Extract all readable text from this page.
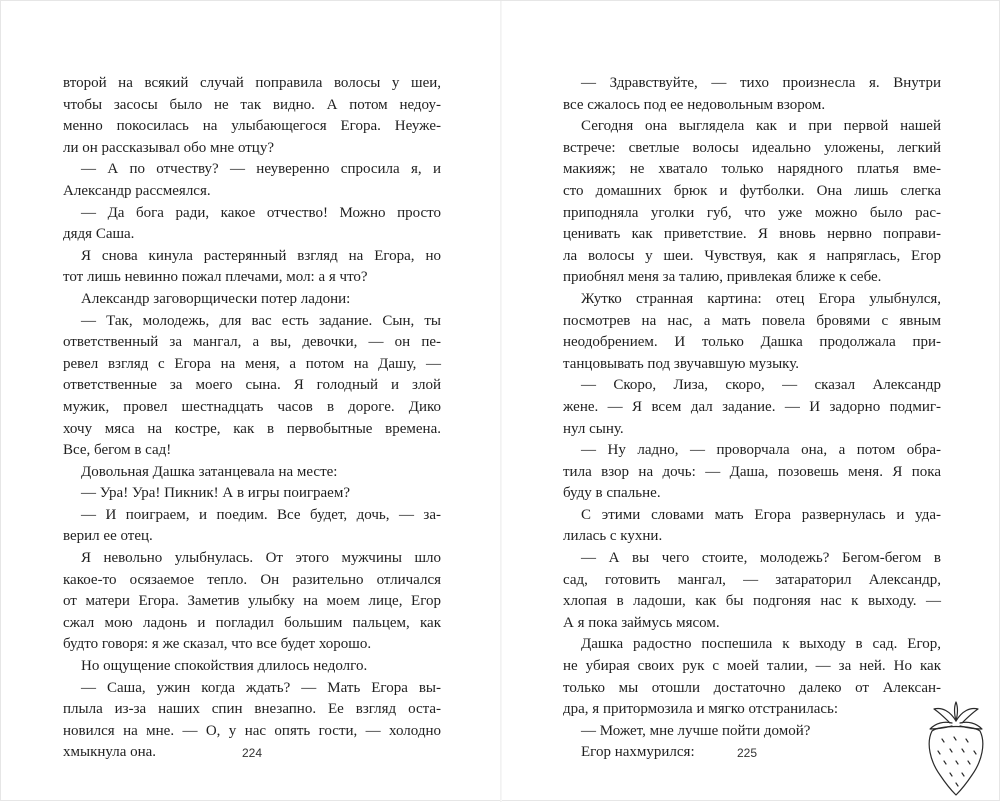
второй на всякий случай поправила волосы у шеи,

чтобы засосы было не так видно. А потом недоу-

менно покосилась на улыбающегося Егора. Неуже-

ли он рассказывал обо мне отцу?

— А по отчеству? — неуверенно спросила я, и

Александр рассмеялся.

— Да бога ради, какое отчество! Можно просто

дядя Саша.

Я снова кинула растерянный взгляд на Егора, но

тот лишь невинно пожал плечами, мол: а я что?

Александр заговорщически потер ладони:

— Так, молодежь, для вас есть задание. Сын, ты

ответственный за мангал, а вы, девочки, — он пе-

ревел взгляд с Егора на меня, а потом на Дашу, —

ответственные за моего сына. Я голодный и злой

мужик, провел шестнадцать часов в дороге. Дико

хочу мяса на костре, как в первобытные времена.

Все, бегом в сад!

Довольная Дашка затанцевала на месте:

— Ура! Ура! Пикник! А в игры поиграем?

— И поиграем, и поедим. Все будет, дочь, — за-

верил ее отец.

Я невольно улыбнулась. От этого мужчины шло

какое-то осязаемое тепло. Он разительно отличался

от матери Егора. Заметив улыбку на моем лице, Егор

сжал мою ладонь и погладил большим пальцем, как

будто говоря: я же сказал, что все будет хорошо.

Но ощущение спокойствия длилось недолго.

— Саша, ужин когда ждать? — Мать Егора вы-

плыла из-за наших спин внезапно. Ее взгляд оста-

новился на мне. — О, у нас опять гости, — холодно

хмыкнула она.

— Здравствуйте, — тихо произнесла я. Внутри

все сжалось под ее недовольным взором.

Сегодня она выглядела как и при первой нашей

встрече: светлые волосы идеально уложены, легкий

макияж; не хватало только нарядного платья вме-

сто домашних брюк и футболки. Она лишь слегка

приподняла уголки губ, что уже можно было рас-

ценивать как приветствие. Я вновь нервно поправи-

ла волосы у шеи. Чувствуя, как я напряглась, Егор

приобнял меня за талию, привлекая ближе к себе.

Жутко странная картина: отец Егора улыбнулся,

посмотрев на нас, а мать повела бровями с явным

неодобрением. И только Дашка продолжала при-

танцовывать под звучавшую музыку.

— Скоро, Лиза, скоро, — сказал Александр

жене. — Я всем дал задание. — И задорно подмиг-

нул сыну.

— Ну ладно, — проворчала она, а потом обра-

тила взор на дочь: — Даша, позовешь меня. Я пока

буду в спальне.

С этими словами мать Егора развернулась и уда-

лилась с кухни.

— А вы чего стоите, молодежь? Бегом-бегом в

сад, готовить мангал, — затараторил Александр,

хлопая в ладоши, как бы подгоняя нас к выходу. —

А я пока займусь мясом.

Дашка радостно поспешила к выходу в сад. Егор,

не убирая своих рук с моей талии, — за ней. Но как

только мы отошли достаточно далеко от Алексан-

дра, я притормозила и мягко отстранилась:

— Может, мне лучше пойти домой?

Егор нахмурился:

224	225
